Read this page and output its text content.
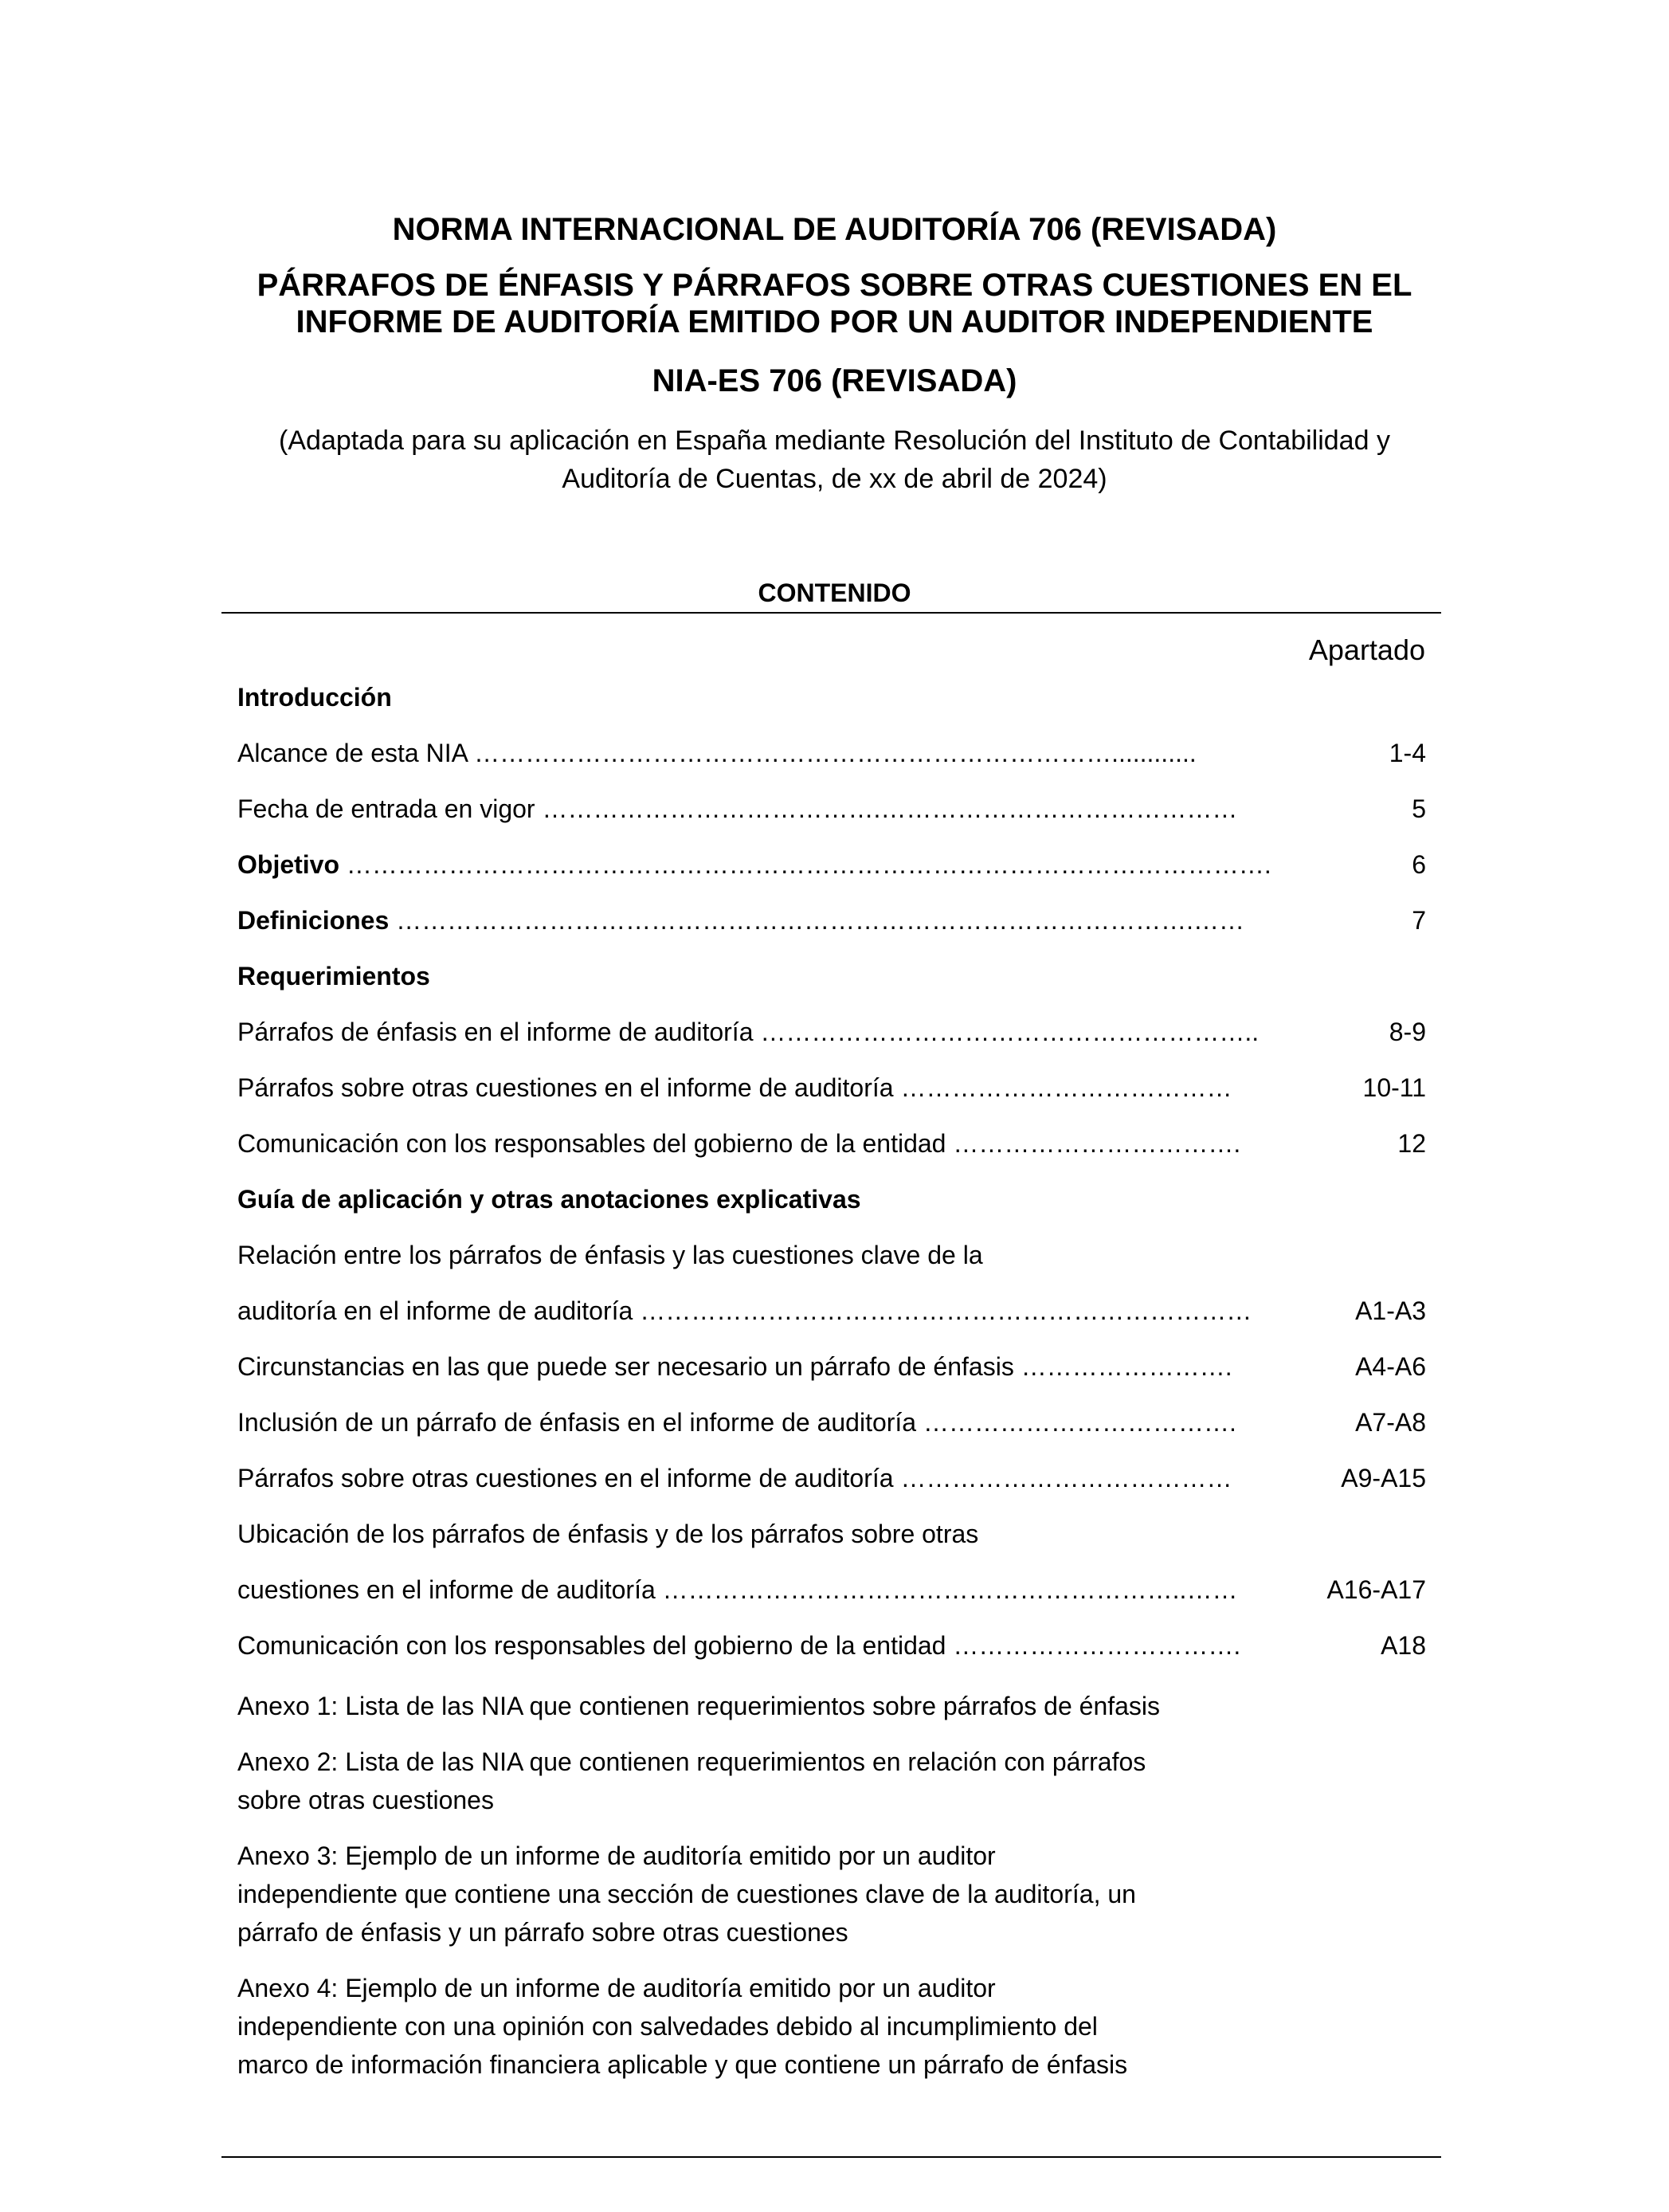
NORMA INTERNACIONAL DE AUDITORÍA 706 (REVISADA)
PÁRRAFOS DE ÉNFASIS Y PÁRRAFOS SOBRE OTRAS CUESTIONES EN EL
INFORME DE AUDITORÍA EMITIDO POR UN AUDITOR INDEPENDIENTE
NIA-ES 706 (REVISADA)
(Adaptada para su aplicación en España mediante Resolución del Instituto de Contabilidad y
Auditoría de Cuentas, de xx de abril de 2024)
CONTENIDO
Apartado
Introducción
Alcance de esta NIA …………………………………………………………………............	1-4
Fecha de entrada en vigor ………………………………….……………………………………	5
Objetivo ……………………………………………………………………………………………….	6
Definiciones ………………………………………………………………………………….……	7
Requerimientos
Párrafos de énfasis en el informe de auditoría …………………………………………………..	8-9
Párrafos sobre otras cuestiones en el informe de auditoría …………………………………	10-11
Comunicación con los responsables del gobierno de la entidad …………………………….	12
Guía de aplicación y otras anotaciones explicativas
Relación entre los párrafos de énfasis y las cuestiones clave de la
auditoría en el informe de auditoría ………………………………………………………………	A1-A3
Circunstancias en las que puede ser necesario un párrafo de énfasis …………………….	A4-A6
Inclusión de un párrafo de énfasis en el informe de auditoría ……………………………….	A7-A8
Párrafos sobre otras cuestiones en el informe de auditoría …………………………………	A9-A15
Ubicación de los párrafos de énfasis y de los párrafos sobre otras
cuestiones en el informe de auditoría ……………………………………………………..……	A16-A17
Comunicación con los responsables del gobierno de la entidad …………………………….	A18
Anexo 1: Lista de las NIA que contienen requerimientos sobre párrafos de énfasis
Anexo 2: Lista de las NIA que contienen requerimientos en relación con párrafos
sobre otras cuestiones
Anexo 3: Ejemplo de un informe de auditoría emitido por un auditor
independiente que contiene una sección de cuestiones clave de la auditoría, un
párrafo de énfasis y un párrafo sobre otras cuestiones
Anexo 4: Ejemplo de un informe de auditoría emitido por un auditor
independiente con una opinión con salvedades debido al incumplimiento del
marco de información financiera aplicable y que contiene un párrafo de énfasis
